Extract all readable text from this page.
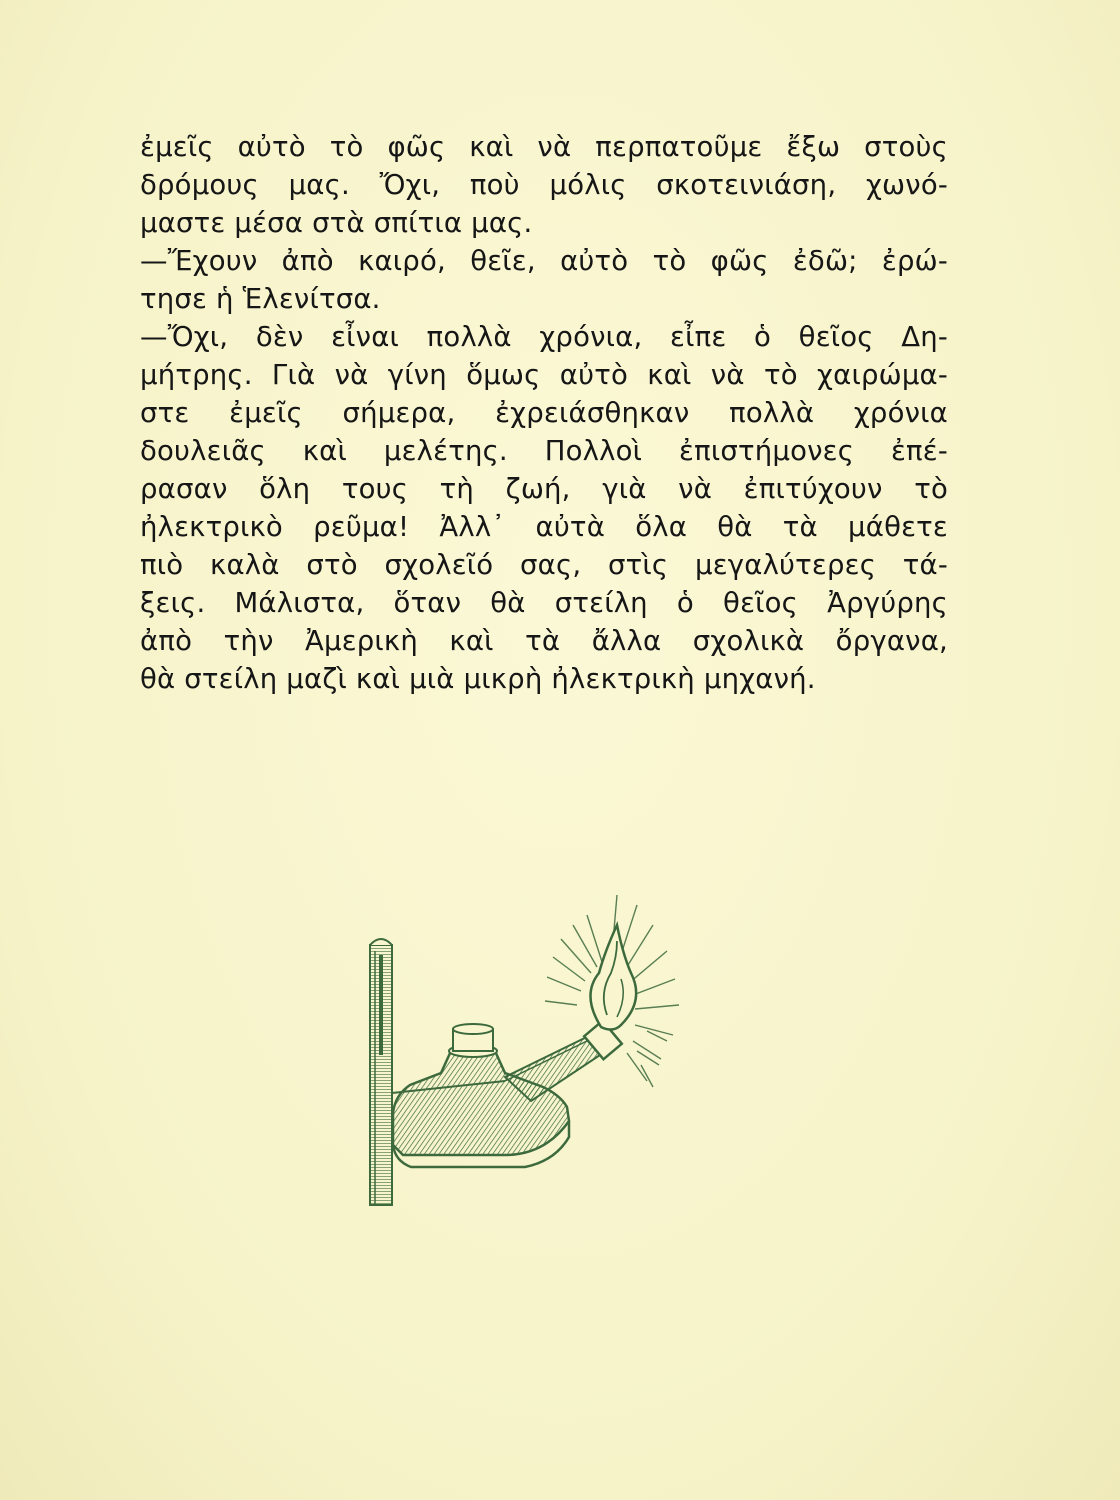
ἐμεῖς αὐτὸ τὸ φῶς καὶ νὰ περπατοῦμε ἔξω στοὺς
δρόμους μας. Ὄχι, ποὺ μόλις σκοτεινιάση, χωνό-
μαστε μέσα στὰ σπίτια μας.
—Ἔχουν ἀπὸ καιρό, θεῖε, αὐτὸ τὸ φῶς ἐδῶ; ἐρώ-
τησε ἡ Ἑλενίτσα.
—Ὄχι, δὲν εἶναι πολλὰ χρόνια, εἶπε ὁ θεῖος Δη-
μήτρης. Γιὰ νὰ γίνη ὅμως αὐτὸ καὶ νὰ τὸ χαιρώμα-
στε ἐμεῖς σήμερα, ἐχρειάσθηκαν πολλὰ χρόνια
δουλειᾶς καὶ μελέτης. Πολλοὶ ἐπιστήμονες ἐπέ-
ρασαν ὅλη τους τὴ ζωή, γιὰ νὰ ἐπιτύχουν τὸ
ἠλεκτρικὸ ρεῦμα! Ἀλλ᾽ αὐτὰ ὅλα θὰ τὰ μάθετε
πιὸ καλὰ στὸ σχολεῖό σας, στὶς μεγαλύτερες τά-
ξεις. Μάλιστα, ὅταν θὰ στείλη ὁ θεῖος Ἀργύρης
ἀπὸ τὴν Ἀμερικὴ καὶ τὰ ἄλλα σχολικὰ ὄργανα,
θὰ στείλη μαζὶ καὶ μιὰ μικρὴ ἠλεκτρικὴ μηχανή.
